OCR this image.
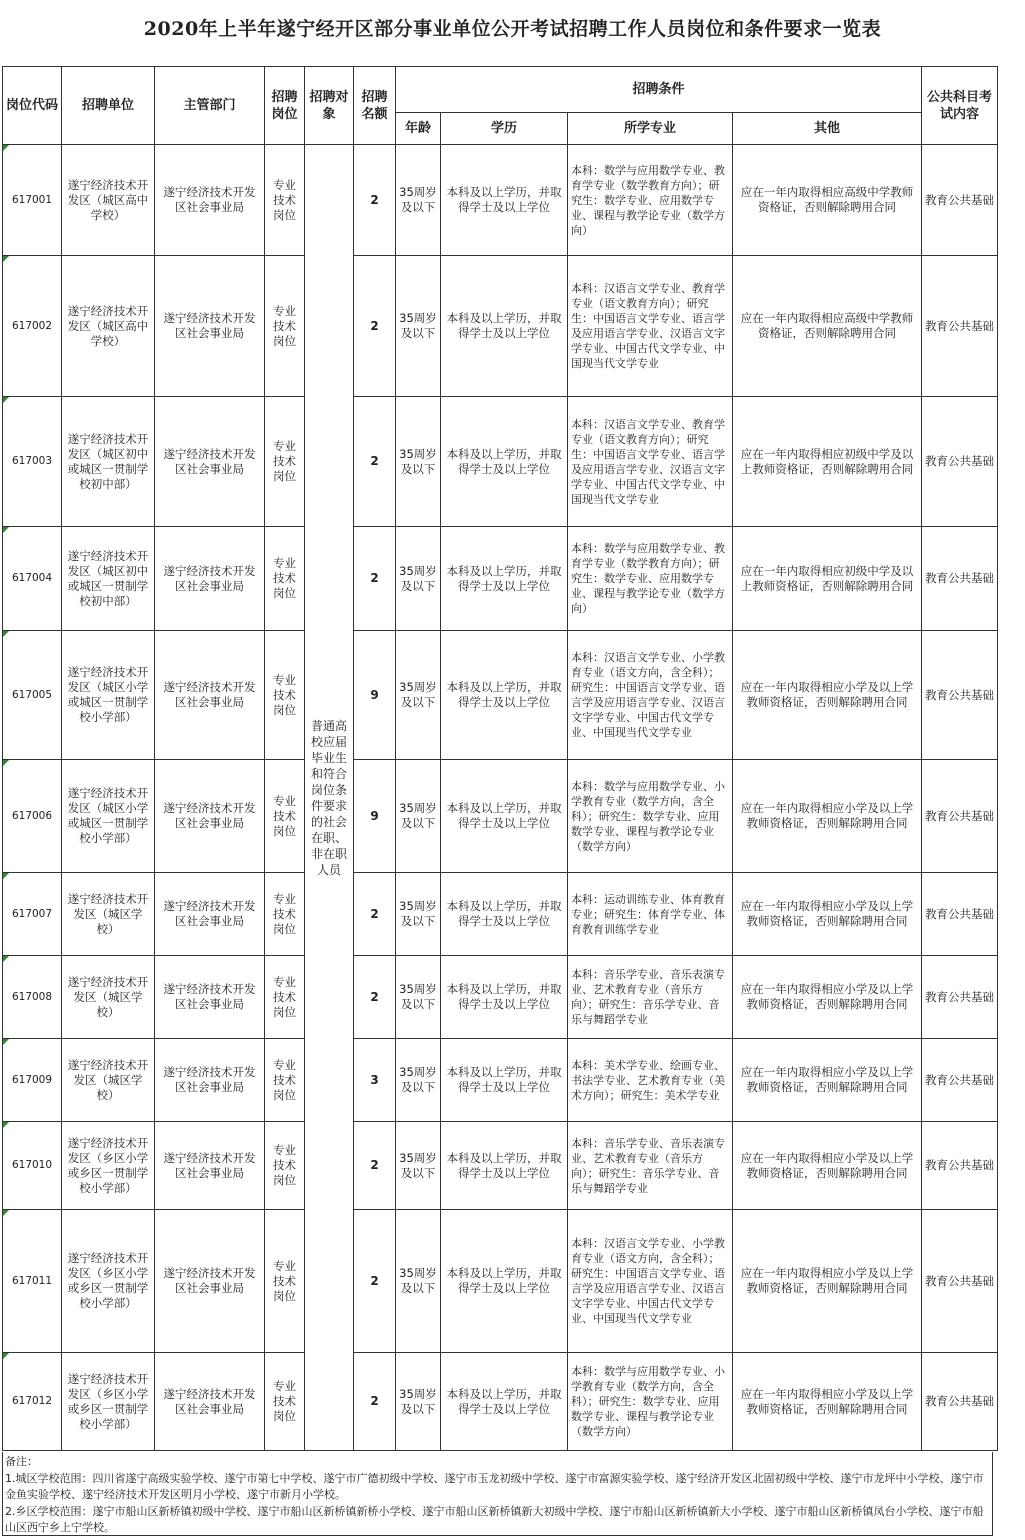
2020年上半年遂宁经开区部分事业单位公开考试招聘工作人员岗位和条件要求一览表
岗位代码	招聘单位	主管部门	招聘岗位	招聘对象	招聘名额	招聘条件				公共科目考试内容
						年龄	学历	所学专业	其他	
617001	遂宁经济技术开发区（城区高中学校）	遂宁经济技术开发区社会事业局	专业技术岗位	普通高校应届毕业生和符合岗位条件要求的社会在职、非在职人员	2	35周岁及以下	本科及以上学历，并取得学士及以上学位	本科：数学与应用数学专业、教育学专业（数学教育方向）；研究生：数学专业、应用数学专业、课程与教学论专业（数学方向）	应在一年内取得相应高级中学教师资格证，否则解除聘用合同	教育公共基础
617002	遂宁经济技术开发区（城区高中学校）	遂宁经济技术开发区社会事业局	专业技术岗位		2	35周岁及以下	本科及以上学历，并取得学士及以上学位	本科：汉语言文学专业、教育学专业（语文教育方向）；研究生：中国语言文学专业、语言学及应用语言学专业、汉语言文字学专业、中国古代文学专业、中国现当代文学专业	应在一年内取得相应高级中学教师资格证，否则解除聘用合同	教育公共基础
617003	遂宁经济技术开发区（城区初中或城区一贯制学校初中部）	遂宁经济技术开发区社会事业局	专业技术岗位		2	35周岁及以下	本科及以上学历，并取得学士及以上学位	本科：汉语言文学专业、教育学专业（语文教育方向）；研究生：中国语言文学专业、语言学及应用语言学专业、汉语言文字学专业、中国古代文学专业、中国现当代文学专业	应在一年内取得相应初级中学及以上教师资格证，否则解除聘用合同	教育公共基础
617004	遂宁经济技术开发区（城区初中或城区一贯制学校初中部）	遂宁经济技术开发区社会事业局	专业技术岗位		2	35周岁及以下	本科及以上学历，并取得学士及以上学位	本科：数学与应用数学专业、教育学专业（数学教育方向）；研究生：数学专业、应用数学专业、课程与教学论专业（数学方向）	应在一年内取得相应初级中学及以上教师资格证，否则解除聘用合同	教育公共基础
617005	遂宁经济技术开发区（城区小学或城区一贯制学校小学部）	遂宁经济技术开发区社会事业局	专业技术岗位		9	35周岁及以下	本科及以上学历，并取得学士及以上学位	本科：汉语言文学专业、小学教育专业（语文方向，含全科）；研究生：中国语言文学专业、语言学及应用语言学专业、汉语言文字学专业、中国古代文学专业、中国现当代文学专业	应在一年内取得相应小学及以上学教师资格证，否则解除聘用合同	教育公共基础
617006	遂宁经济技术开发区（城区小学或城区一贯制学校小学部）	遂宁经济技术开发区社会事业局	专业技术岗位		9	35周岁及以下	本科及以上学历，并取得学士及以上学位	本科：数学与应用数学专业、小学教育专业（数学方向，含全科）；研究生：数学专业、应用数学专业、课程与教学论专业（数学方向）	应在一年内取得相应小学及以上学教师资格证，否则解除聘用合同	教育公共基础
617007	遂宁经济技术开发区（城区学校）	遂宁经济技术开发区社会事业局	专业技术岗位		2	35周岁及以下	本科及以上学历，并取得学士及以上学位	本科：运动训练专业、体育教育专业；研究生：体育学专业、体育教育训练学专业	应在一年内取得相应小学及以上学教师资格证，否则解除聘用合同	教育公共基础
617008	遂宁经济技术开发区（城区学校）	遂宁经济技术开发区社会事业局	专业技术岗位		2	35周岁及以下	本科及以上学历，并取得学士及以上学位	本科：音乐学专业、音乐表演专业、艺术教育专业（音乐方向）；研究生：音乐学专业、音乐与舞蹈学专业	应在一年内取得相应小学及以上学教师资格证，否则解除聘用合同	教育公共基础
617009	遂宁经济技术开发区（城区学校）	遂宁经济技术开发区社会事业局	专业技术岗位		3	35周岁及以下	本科及以上学历，并取得学士及以上学位	本科：美术学专业、绘画专业、书法学专业、艺术教育专业（美术方向）；研究生：美术学专业	应在一年内取得相应小学及以上学教师资格证，否则解除聘用合同	教育公共基础
617010	遂宁经济技术开发区（乡区小学或乡区一贯制学校小学部）	遂宁经济技术开发区社会事业局	专业技术岗位		2	35周岁及以下	本科及以上学历，并取得学士及以上学位	本科：音乐学专业、音乐表演专业、艺术教育专业（音乐方向）；研究生：音乐学专业、音乐与舞蹈学专业	应在一年内取得相应小学及以上学教师资格证，否则解除聘用合同	教育公共基础
617011	遂宁经济技术开发区（乡区小学或乡区一贯制学校小学部）	遂宁经济技术开发区社会事业局	专业技术岗位		2	35周岁及以下	本科及以上学历，并取得学士及以上学位	本科：汉语言文学专业、小学教育专业（语文方向，含全科）；研究生：中国语言文学专业、语言学及应用语言学专业、汉语言文字学专业、中国古代文学专业、中国现当代文学专业	应在一年内取得相应小学及以上学教师资格证，否则解除聘用合同	教育公共基础
617012	遂宁经济技术开发区（乡区小学或乡区一贯制学校小学部）	遂宁经济技术开发区社会事业局	专业技术岗位		2	35周岁及以下	本科及以上学历，并取得学士及以上学位	本科：数学与应用数学专业、小学教育专业（数学方向，含全科）；研究生：数学专业、应用数学专业、课程与教学论专业（数学方向）	应在一年内取得相应小学及以上学教师资格证，否则解除聘用合同	教育公共基础
备注：
1.城区学校范围：四川省遂宁高级实验学校、遂宁市第七中学校、遂宁市广德初级中学校、遂宁市玉龙初级中学校、遂宁市富源实验学校、遂宁经济开发区北固初级中学校、遂宁市龙坪中小学校、遂宁市金鱼实验学校、遂宁经济技术开发区明月小学校、遂宁市新月小学校。
2.乡区学校范围：遂宁市船山区新桥镇初级中学校、遂宁市船山区新桥镇新桥小学校、遂宁市船山区新桥镇新大初级中学校、遂宁市船山区新桥镇新大小学校、遂宁市船山区新桥镇凤台小学校、遂宁市船山区西宁乡上宁学校。
